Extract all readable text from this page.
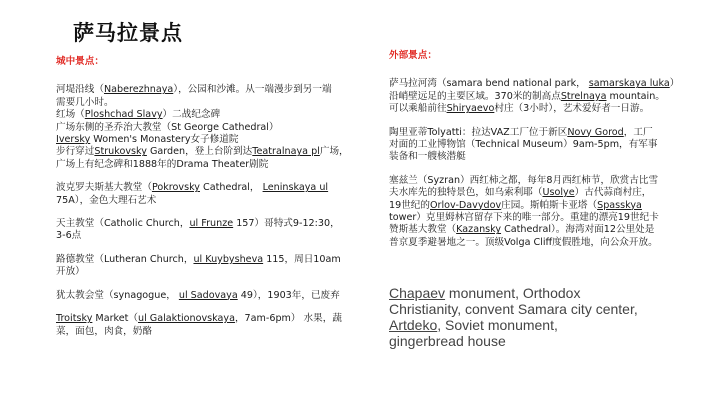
萨马拉景点
城中景点：
河堤沿线（Naberezhnaya），公园和沙滩。从一端漫步到另一端
需要几小时。
红场（Ploshchad Slavy）二战纪念碑
广场东侧的圣乔治大教堂（St George Cathedral）
Iversky Women's Monastery女子修道院
步行穿过Strukovsky Garden，登上台阶到达Teatralnaya pl广场，
广场上有纪念碑和1888年的Drama Theater剧院
波克罗夫斯基大教堂（Pokrovsky Cathedral， Leninskaya ul
75A），金色大理石艺术
天主教堂（Catholic Church，ul Frunze 157）哥特式9-12:30，
3-6点
路德教堂（Lutheran Church，ul Kuybysheva 115，周日10am
开放）
犹太教会堂（synagogue， ul Sadovaya 49），1903年，已废弃
Troitsky Market（ul Galaktionovskaya，7am-6pm） 水果，蔬
菜，面包，肉食，奶酪
外部景点：
萨马拉河湾（samara bend national park， samarskaya luka）
沿峭壁远足的主要区域。370米的制高点Strelnaya mountain。
可以乘船前往Shiryaevo村庄（3小时），艺术爱好者一日游。
陶里亚蒂Tolyatti：拉达VAZ工厂位于新区Novy Gorod，工厂
对面的工业博物馆（Technical Museum）9am-5pm，有军事
装备和一艘核潜艇
塞兹兰（Syzran）西红柿之都，每年8月西红柿节，欣赏古比雪
夫水库先的独特景色，如乌索利耶（Usolye）古代蒜商村庄，
19世纪的Orlov-Davydov庄园。斯帕斯卡亚塔（Spasskya
tower）克里姆林宫留存下来的唯一部分。重建的漂亮19世纪卡
赞斯基大教堂（Kazansky Cathedral）。海湾对面12公里处是
普京夏季避暑地之一。顶级Volga Cliff度假胜地，向公众开放。
Chapaev monument, Orthodox
Christianity, convent Samara city center,
Artdeko, Soviet monument,
gingerbread house
